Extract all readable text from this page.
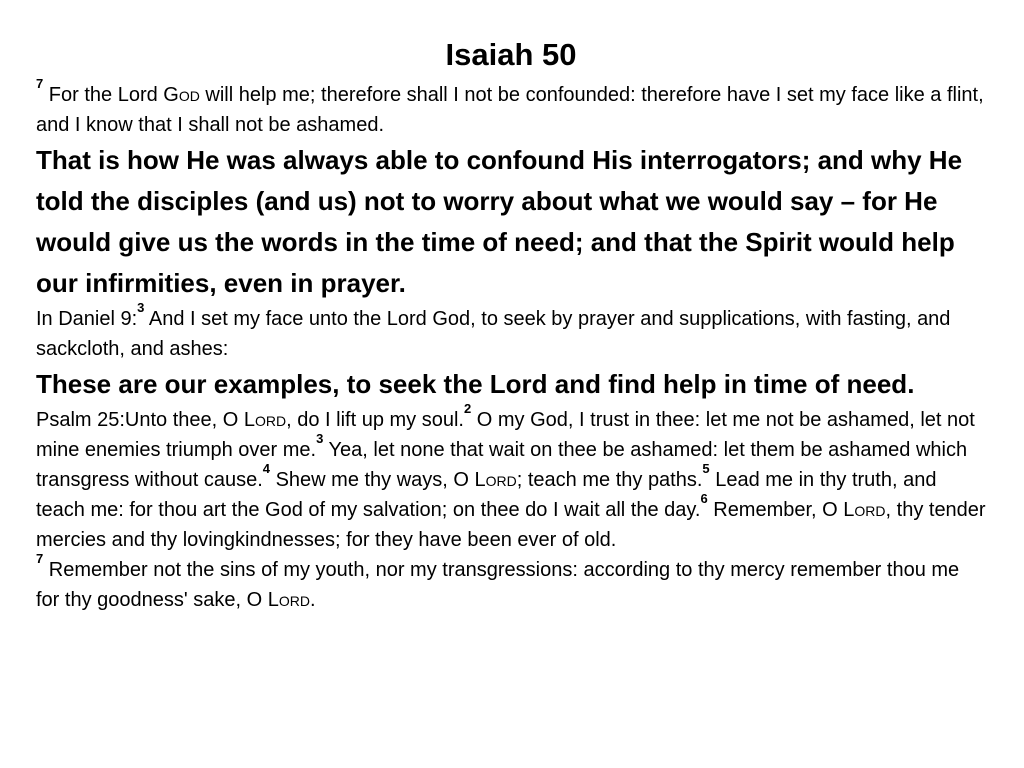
Isaiah 50

$^7$ For the Lord God will help me; therefore shall I not be confounded: therefore have I set my face like a flint, and I know that I shall not be ashamed.

That is how He was always able to confound His interrogators; and why He told the disciples (and us) not to worry about what we would say – for He would give us the words in the time of need; and that the Spirit would help our infirmities, even in prayer.

In Daniel 9:$^3$ And I set my face unto the Lord God, to seek by prayer and supplications, with fasting, and sackcloth, and ashes:

These are our examples, to seek the Lord and find help in time of need.

Psalm 25:Unto thee, O Lord, do I lift up my soul.$^2$ O my God, I trust in thee: let me not be ashamed, let not mine enemies triumph over me.$^3$ Yea, let none that wait on thee be ashamed: let them be ashamed which transgress without cause.$^4$ Shew me thy ways, O Lord; teach me thy paths.$^5$ Lead me in thy truth, and teach me: for thou art the God of my salvation; on thee do I wait all the day.$^6$ Remember, O Lord, thy tender mercies and thy lovingkindnesses; for they have been ever of old.

$^7$ Remember not the sins of my youth, nor my transgressions: according to thy mercy remember thou me for thy goodness' sake, O Lord.
